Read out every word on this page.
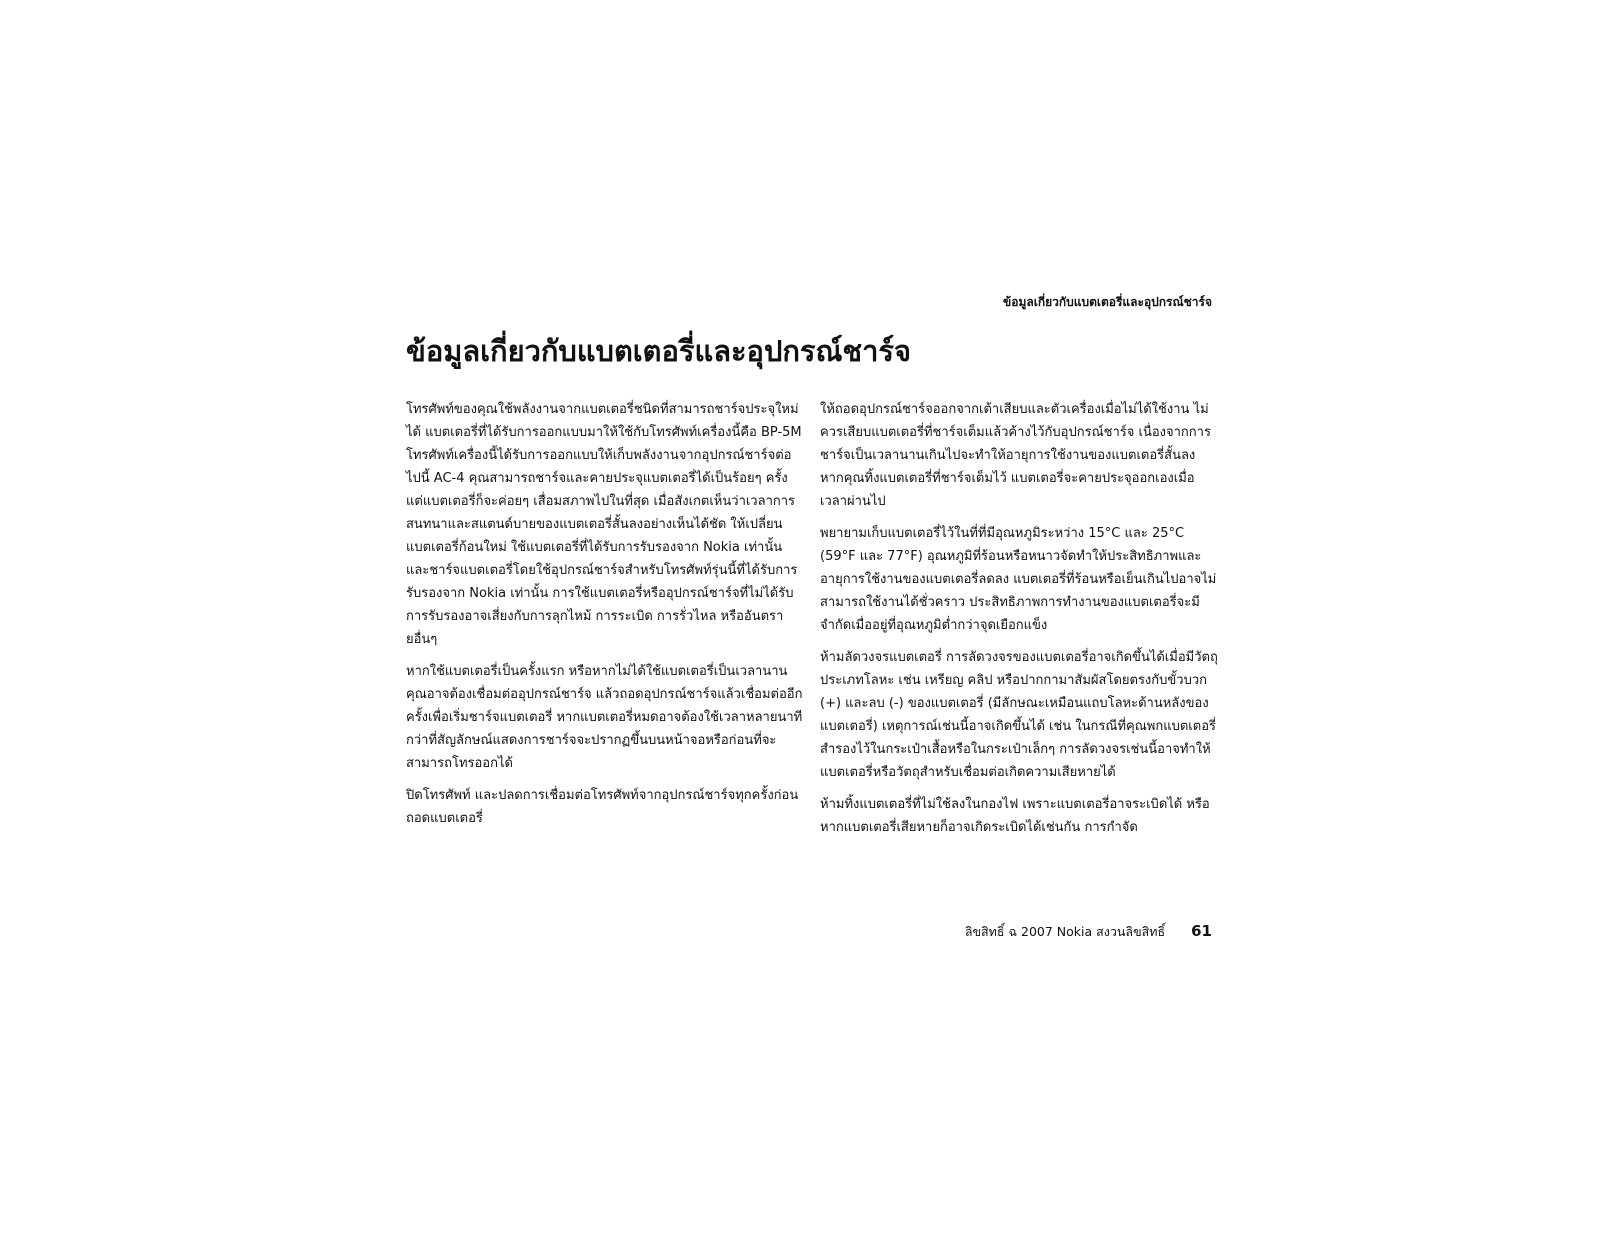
ข้อมูลเกี่ยวกับแบตเตอรี่และอุปกรณ์ชาร์จ
ข้อมูลเกี่ยวกับแบตเตอรี่และอุปกรณ์ชาร์จ

โทรศัพท์ของคุณใช้พลังงานจากแบตเตอรี่ชนิดที่สามารถชาร์จประจุใหม่ได้ แบตเตอรี่ที่ได้รับการออกแบบมาให้ใช้กับโทรศัพท์เครื่องนี้คือ BP-5M โทรศัพท์เครื่องนี้ได้รับการออกแบบให้เก็บพลังงานจากอุปกรณ์ชาร์จต่อไปนี้ AC-4 คุณสามารถชาร์จและคายประจุแบตเตอรี่ได้เป็นร้อยๆ ครั้ง แต่แบตเตอรี่ก็จะค่อยๆ เสื่อมสภาพไปในที่สุด เมื่อสังเกตเห็นว่าเวลาการสนทนาและสแตนด์บายของแบตเตอรี่สั้นลงอย่างเห็นได้ชัด ให้เปลี่ยนแบตเตอรี่ก้อนใหม่ ใช้แบตเตอรี่ที่ได้รับการรับรองจาก Nokia เท่านั้น และชาร์จแบตเตอรี่โดยใช้อุปกรณ์ชาร์จสำหรับโทรศัพท์รุ่นนี้ที่ได้รับการรับรองจาก Nokia เท่านั้น การใช้แบตเตอรี่หรืออุปกรณ์ชาร์จที่ไม่ได้รับการรับรองอาจเสี่ยงกับการลุกไหม้ การระเบิด การรั่วไหล หรืออันตรายอื่นๆ

หากใช้แบตเตอรี่เป็นครั้งแรก หรือหากไม่ได้ใช้แบตเตอรี่เป็นเวลานาน คุณอาจต้องเชื่อมต่ออุปกรณ์ชาร์จ แล้วถอดอุปกรณ์ชาร์จแล้วเชื่อมต่ออีกครั้งเพื่อเริ่มชาร์จแบตเตอรี่ หากแบตเตอรี่หมดอาจต้องใช้เวลาหลายนาทีกว่าที่สัญลักษณ์แสดงการชาร์จจะปรากฏขึ้นบนหน้าจอหรือก่อนที่จะสามารถโทรออกได้

ปิดโทรศัพท์ และปลดการเชื่อมต่อโทรศัพท์จากอุปกรณ์ชาร์จทุกครั้งก่อนถอดแบตเตอรี่

ให้ถอดอุปกรณ์ชาร์จออกจากเต้าเสียบและตัวเครื่องเมื่อไม่ได้ใช้งาน ไม่ควรเสียบแบตเตอรี่ที่ชาร์จเต็มแล้วค้างไว้กับอุปกรณ์ชาร์จ เนื่องจากการชาร์จเป็นเวลานานเกินไปจะทำให้อายุการใช้งานของแบตเตอรี่สั้นลง หากคุณทิ้งแบตเตอรี่ที่ชาร์จเต็มไว้ แบตเตอรี่จะคายประจุออกเองเมื่อเวลาผ่านไป

พยายามเก็บแบตเตอรี่ไว้ในที่ที่มีอุณหภูมิระหว่าง 15°C และ 25°C (59°F และ 77°F) อุณหภูมิที่ร้อนหรือหนาวจัดทำให้ประสิทธิภาพและอายุการใช้งานของแบตเตอรี่ลดลง แบตเตอรี่ที่ร้อนหรือเย็นเกินไปอาจไม่สามารถใช้งานได้ชั่วคราว ประสิทธิภาพการทำงานของแบตเตอรี่จะมีจำกัดเมื่ออยู่ที่อุณหภูมิต่ำกว่าจุดเยือกแข็ง

ห้ามลัดวงจรแบตเตอรี่ การลัดวงจรของแบตเตอรี่อาจเกิดขึ้นได้เมื่อมีวัตถุประเภทโลหะ เช่น เหรียญ คลิป หรือปากกามาสัมผัสโดยตรงกับขั้วบวก (+) และลบ (-) ของแบตเตอรี่ (มีลักษณะเหมือนแถบโลหะด้านหลังของแบตเตอรี่) เหตุการณ์เช่นนี้อาจเกิดขึ้นได้ เช่น ในกรณีที่คุณพกแบตเตอรี่สำรองไว้ในกระเป๋าเสื้อหรือในกระเป๋าเล็กๆ การลัดวงจรเช่นนี้อาจทำให้แบตเตอรี่หรือวัตถุสำหรับเชื่อมต่อเกิดความเสียหายได้

ห้ามทิ้งแบตเตอรี่ที่ไม่ใช้ลงในกองไฟ เพราะแบตเตอรี่อาจระเบิดได้ หรือหากแบตเตอรี่เสียหายก็อาจเกิดระเบิดได้เช่นกัน การกำจัด

ลิขสิทธิ์ ฉ 2007 Nokia สงวนลิขสิทธิ์ 61
